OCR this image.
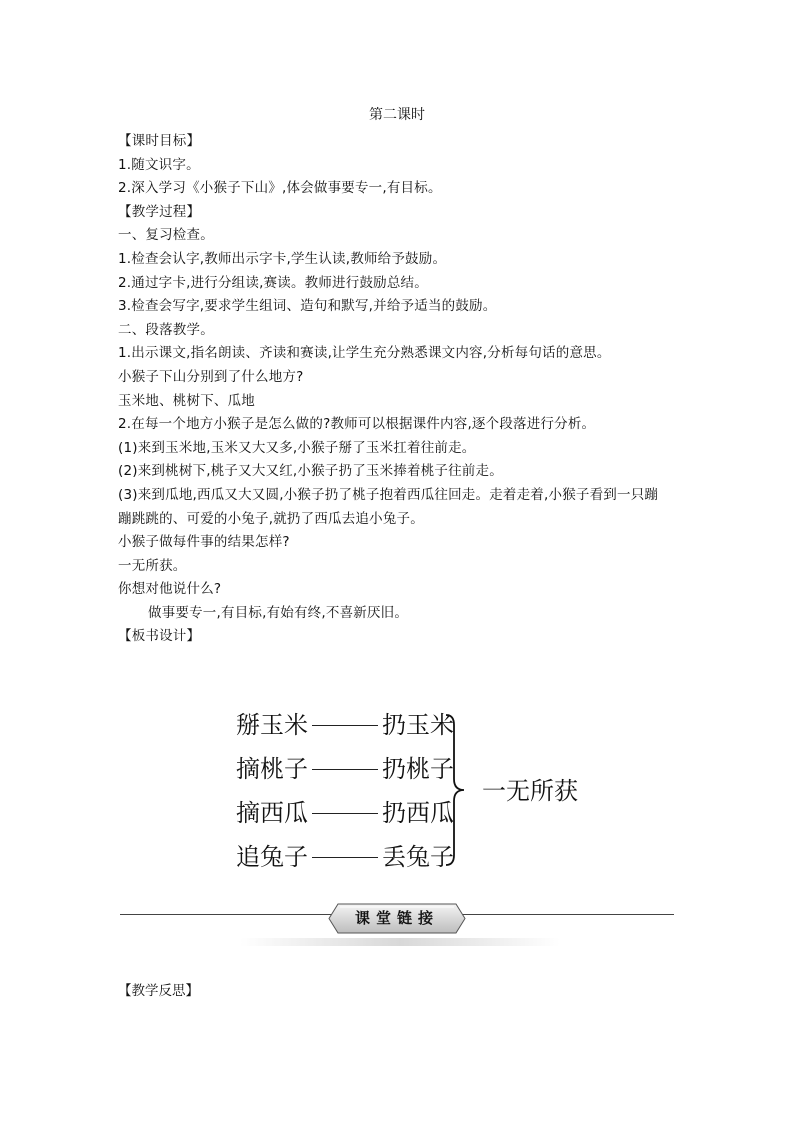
第二课时
【课时目标】
1.随文识字。
2.深入学习《小猴子下山》,体会做事要专一,有目标。
【教学过程】
一、复习检查。
1.检查会认字,教师出示字卡,学生认读,教师给予鼓励。
2.通过字卡,进行分组读,赛读。教师进行鼓励总结。
3.检查会写字,要求学生组词、造句和默写,并给予适当的鼓励。
二、段落教学。
1.出示课文,指名朗读、齐读和赛读,让学生充分熟悉课文内容,分析每句话的意思。
小猴子下山分别到了什么地方?
玉米地、桃树下、瓜地
2.在每一个地方小猴子是怎么做的?教师可以根据课件内容,逐个段落进行分析。
(1)来到玉米地,玉米又大又多,小猴子掰了玉米扛着往前走。
(2)来到桃树下,桃子又大又红,小猴子扔了玉米捧着桃子往前走。
(3)来到瓜地,西瓜又大又圆,小猴子扔了桃子抱着西瓜往回走。走着走着,小猴子看到一只蹦
蹦跳跳的、可爱的小兔子,就扔了西瓜去追小兔子。
小猴子做每件事的结果怎样?
一无所获。
你想对他说什么?
做事要专一,有目标,有始有终,不喜新厌旧。
【板书设计】
掰玉米	扔玉米
摘桃子	扔桃子
摘西瓜	扔西瓜
追兔子	丢兔子
一无所获
课堂链接
【教学反思】
